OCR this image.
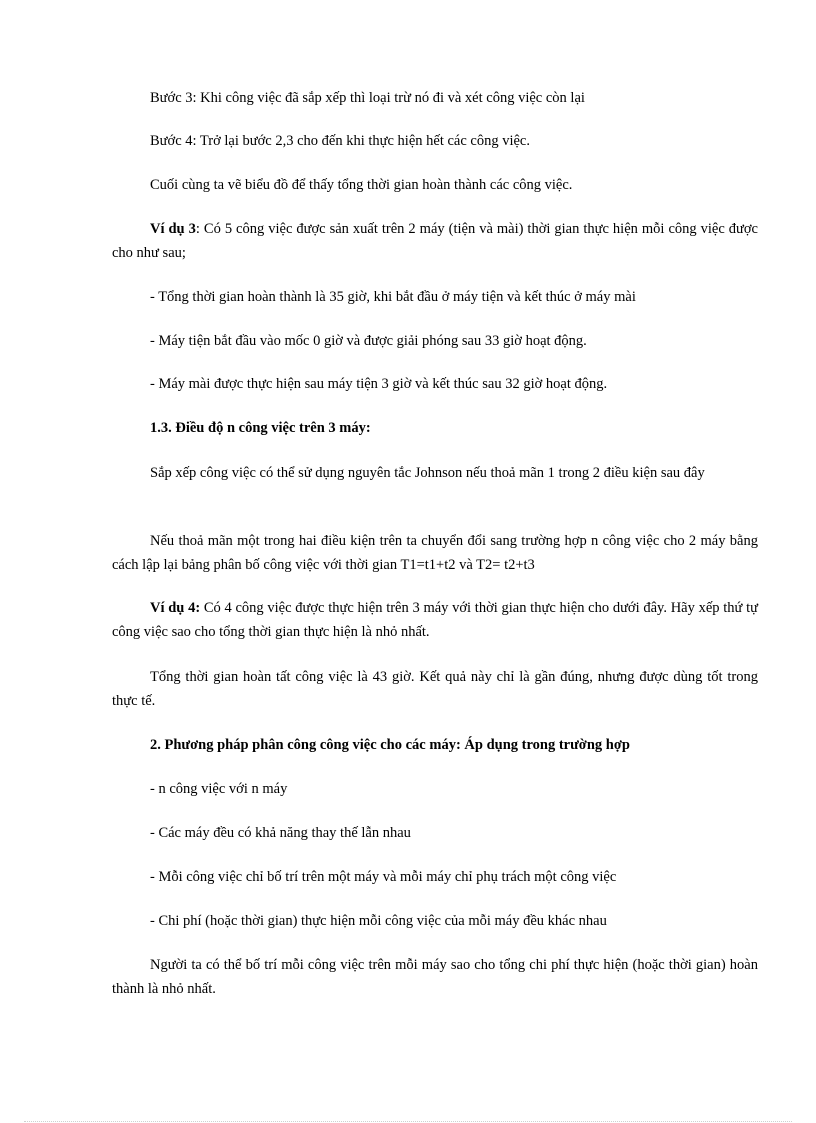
Bước 3: Khi công việc đã sắp xếp thì loại trừ nó đi và xét công việc còn lại

Bước 4: Trở lại bước 2,3 cho đến khi thực hiện hết các công việc.

Cuối cùng ta vẽ biểu đồ để thấy tổng thời gian hoàn thành các công việc.

Ví dụ 3: Có 5 công việc được sản xuất trên 2 máy (tiện và mài) thời gian thực hiện mỗi công việc được cho như sau;

- Tổng thời gian hoàn thành là 35 giờ, khi bắt đầu ở máy tiện và kết thúc ở máy mài

- Máy tiện bắt đầu vào mốc 0 giờ và được giải phóng sau 33 giờ hoạt động.

- Máy mài được thực hiện sau máy tiện 3 giờ và kết thúc sau 32 giờ hoạt động.

1.3. Điều độ n công việc trên 3 máy:

Sắp xếp công việc có thể sử dụng nguyên tắc Johnson nếu thoả mãn 1 trong 2 điều kiện sau đây

Nếu thoả mãn một trong hai điều kiện trên ta chuyển đổi sang trường hợp n công việc cho 2 máy bằng cách lập lại bảng phân bố công việc với thời gian T1=t1+t2 và T2= t2+t3

Ví dụ 4: Có 4 công việc được thực hiện trên 3 máy với thời gian thực hiện cho dưới đây. Hãy xếp thứ tự công việc sao cho tổng thời gian thực hiện là nhỏ nhất.

Tổng thời gian hoàn tất công việc là 43 giờ. Kết quả này chỉ là gần đúng, nhưng được dùng tốt trong thực tế.

2. Phương pháp phân công công việc cho các máy: Áp dụng trong trường hợp

- n công việc với n máy

- Các máy đều có khả năng thay thế lẫn nhau

- Mỗi công việc chỉ bố trí trên một máy và mỗi máy chỉ phụ trách một công việc

- Chi phí (hoặc thời gian) thực hiện mỗi công việc của mỗi máy đều khác nhau

Người ta có thể bố trí mỗi công việc trên mỗi máy sao cho tổng chi phí thực hiện (hoặc thời gian) hoàn thành là nhỏ nhất.
